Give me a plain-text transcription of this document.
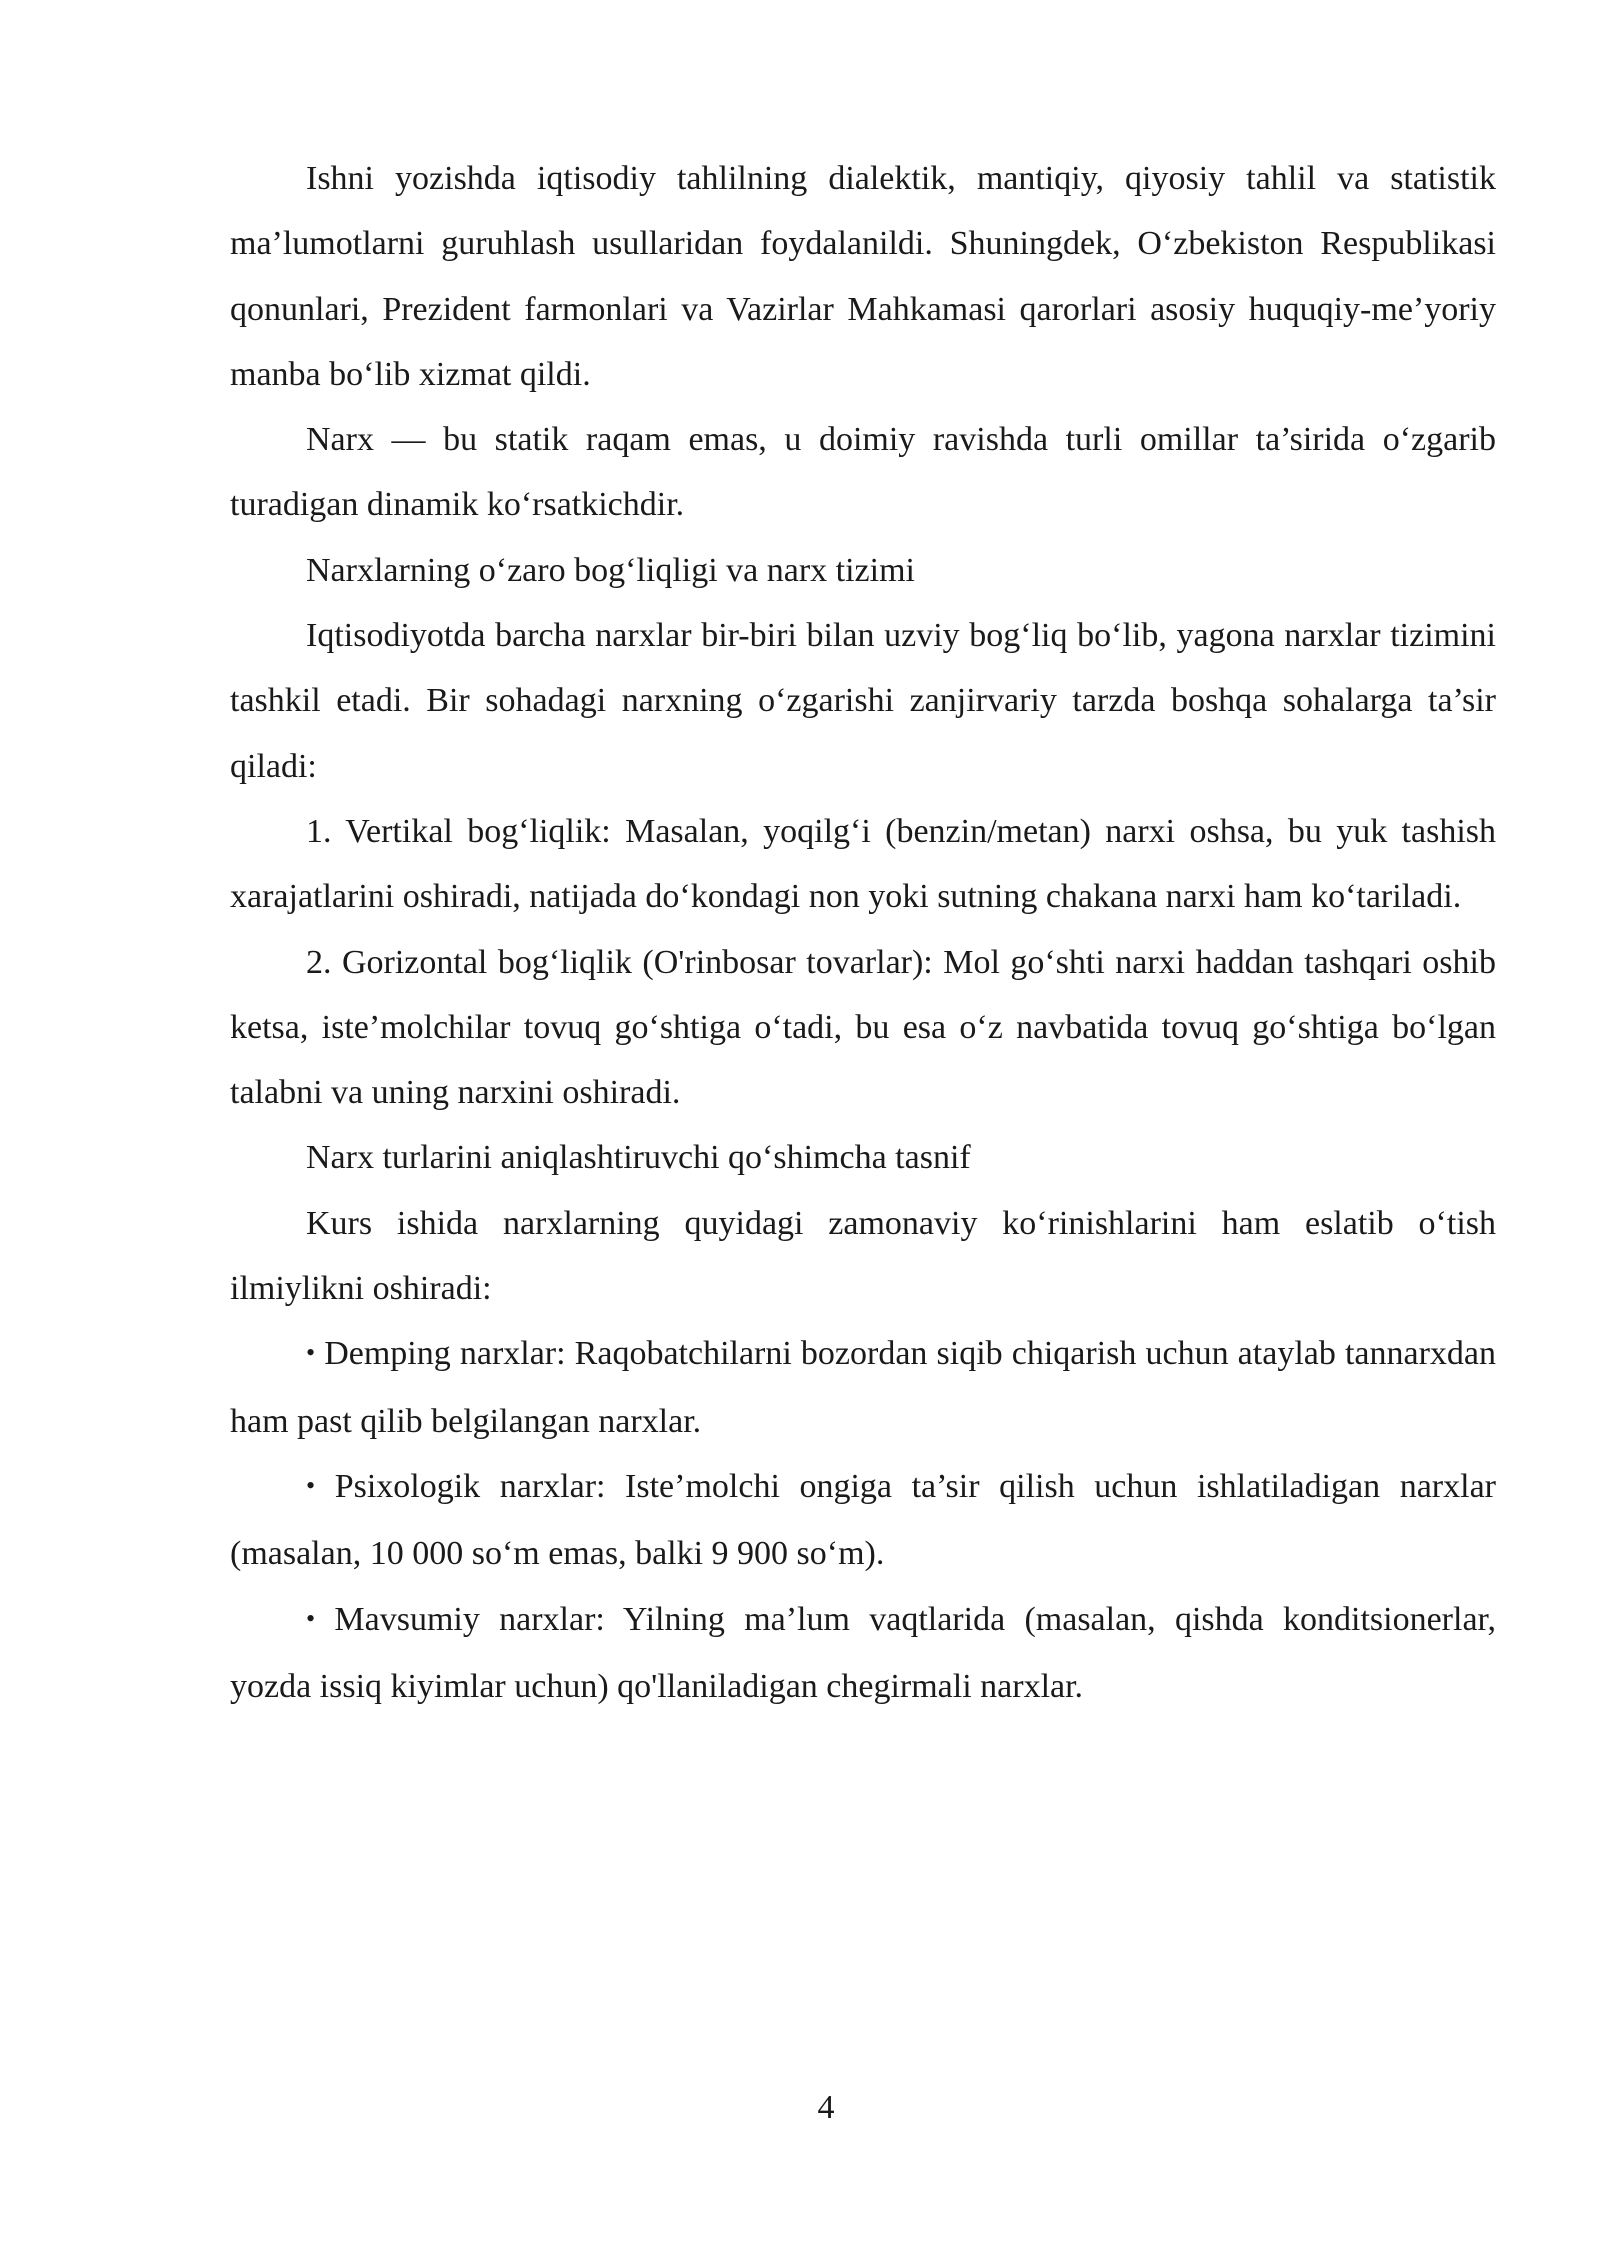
Ishni yozishda iqtisodiy tahlilning dialektik, mantiqiy, qiyosiy tahlil va statistik ma’lumotlarni guruhlash usullaridan foydalanildi. Shuningdek, O‘zbekiston Respublikasi qonunlari, Prezident farmonlari va Vazirlar Mahkamasi qarorlari asosiy huquqiy-me’yoriy manba bo‘lib xizmat qildi.

Narx — bu statik raqam emas, u doimiy ravishda turli omillar ta’sirida o‘zgarib turadigan dinamik ko‘rsatkichdir.

Narxlarning o‘zaro bog‘liqligi va narx tizimi

Iqtisodiyotda barcha narxlar bir-biri bilan uzviy bog‘liq bo‘lib, yagona narxlar tizimini tashkil etadi. Bir sohadagi narxning o‘zgarishi zanjirvariy tarzda boshqa sohalarga ta’sir qiladi:

1. Vertikal bog‘liqlik: Masalan, yoqilg‘i (benzin/metan) narxi oshsa, bu yuk tashish xarajatlarini oshiradi, natijada do‘kondagi non yoki sutning chakana narxi ham ko‘tariladi.

2. Gorizontal bog‘liqlik (O'rinbosar tovarlar): Mol go‘shti narxi haddan tashqari oshib ketsa, iste’molchilar tovuq go‘shtiga o‘tadi, bu esa o‘z navbatida tovuq go‘shtiga bo‘lgan talabni va uning narxini oshiradi.

Narx turlarini aniqlashtiruvchi qo‘shimcha tasnif

Kurs ishida narxlarning quyidagi zamonaviy ko‘rinishlarini ham eslatib o‘tish ilmiylikni oshiradi:

• Demping narxlar: Raqobatchilarni bozordan siqib chiqarish uchun ataylab tannarxdan ham past qilib belgilangan narxlar.

• Psixologik narxlar: Iste’molchi ongiga ta’sir qilish uchun ishlatiladigan narxlar (masalan, 10 000 so‘m emas, balki 9 900 so‘m).

• Mavsumiy narxlar: Yilning ma’lum vaqtlarida (masalan, qishda konditsionerlar, yozda issiq kiyimlar uchun) qo'llaniladigan chegirmali narxlar.

4
